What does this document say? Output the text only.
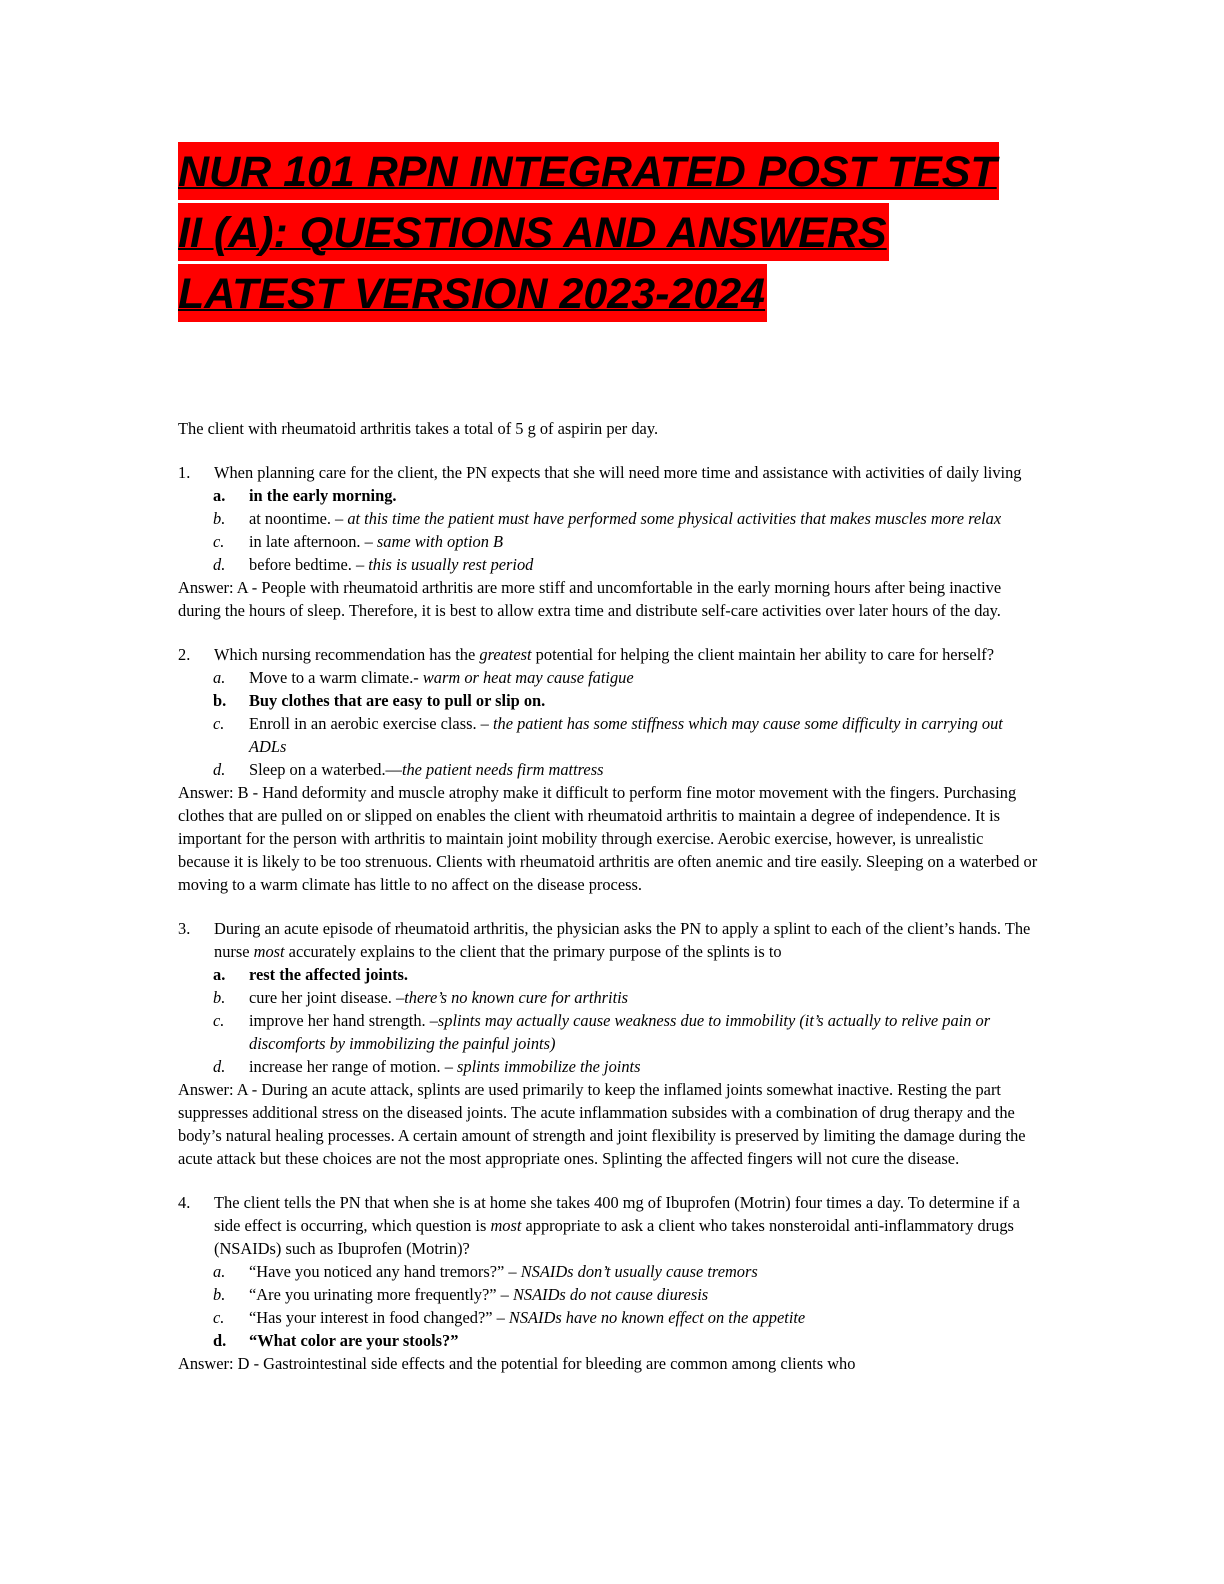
NUR 101 RPN INTEGRATED POST TEST II (A): QUESTIONS AND ANSWERS LATEST VERSION 2023-2024

The client with rheumatoid arthritis takes a total of 5 g of aspirin per day.

1. When planning care for the client, the PN expects that she will need more time and assistance with activities of daily living
a. in the early morning.
b. at noontime. – at this time the patient must have performed some physical activities that makes muscles more relax
c. in late afternoon. – same with option B
d. before bedtime. – this is usually rest period

Answer: A - People with rheumatoid arthritis are more stiff and uncomfortable in the early morning hours after being inactive during the hours of sleep. Therefore, it is best to allow extra time and distribute self-care activities over later hours of the day.

2. Which nursing recommendation has the greatest potential for helping the client maintain her ability to care for herself?
a. Move to a warm climate.- warm or heat may cause fatigue
b. Buy clothes that are easy to pull or slip on.
c. Enroll in an aerobic exercise class. – the patient has some stiffness which may cause some difficulty in carrying out ADLs
d. Sleep on a waterbed.—the patient needs firm mattress

Answer: B - Hand deformity and muscle atrophy make it difficult to perform fine motor movement with the fingers. Purchasing clothes that are pulled on or slipped on enables the client with rheumatoid arthritis to maintain a degree of independence. It is important for the person with arthritis to maintain joint mobility through exercise. Aerobic exercise, however, is unrealistic because it is likely to be too strenuous. Clients with rheumatoid arthritis are often anemic and tire easily. Sleeping on a waterbed or moving to a warm climate has little to no affect on the disease process.

3. During an acute episode of rheumatoid arthritis, the physician asks the PN to apply a splint to each of the client’s hands. The nurse most accurately explains to the client that the primary purpose of the splints is to
a. rest the affected joints.
b. cure her joint disease. –there’s no known cure for arthritis
c. improve her hand strength. –splints may actually cause weakness due to immobility (it’s actually to relive pain or discomforts by immobilizing the painful joints)
d. increase her range of motion. – splints immobilize the joints

Answer: A - During an acute attack, splints are used primarily to keep the inflamed joints somewhat inactive. Resting the part suppresses additional stress on the diseased joints. The acute inflammation subsides with a combination of drug therapy and the body’s natural healing processes. A certain amount of strength and joint flexibility is preserved by limiting the damage during the acute attack but these choices are not the most appropriate ones. Splinting the affected fingers will not cure the disease.

4. The client tells the PN that when she is at home she takes 400 mg of Ibuprofen (Motrin) four times a day. To determine if a side effect is occurring, which question is most appropriate to ask a client who takes nonsteroidal anti-inflammatory drugs (NSAIDs) such as Ibuprofen (Motrin)?
a. “Have you noticed any hand tremors?” – NSAIDs don’t usually cause tremors
b. “Are you urinating more frequently?” – NSAIDs do not cause diuresis
c. “Has your interest in food changed?” – NSAIDs have no known effect on the appetite
d. “What color are your stools?”

Answer: D - Gastrointestinal side effects and the potential for bleeding are common among clients who
